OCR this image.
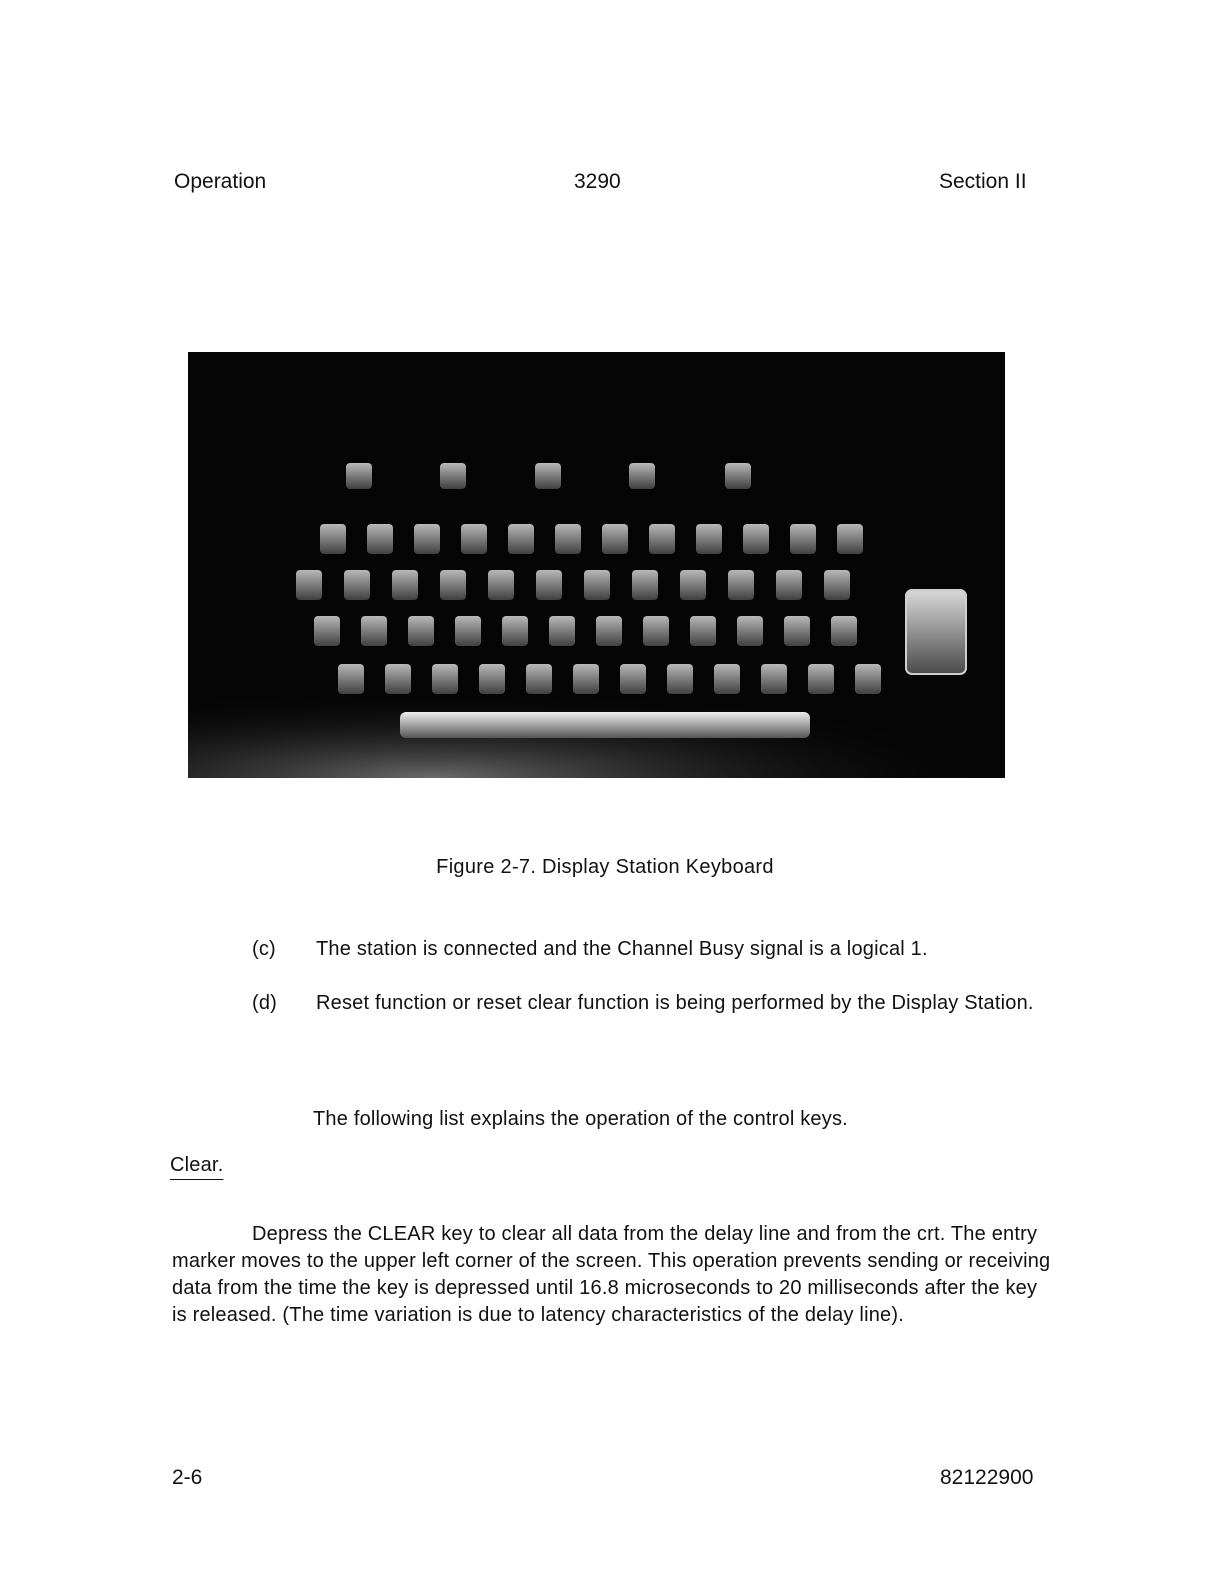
Operation	3290	Section II
Figure 2-7. Display Station Keyboard
(c) The station is connected and the Channel Busy signal is a logical 1.
(d) Reset function or reset clear function is being performed by the Display Station.
The following list explains the operation of the control keys.
Clear.
Depress the CLEAR key to clear all data from the delay line and from the crt. The entry marker moves to the upper left corner of the screen. This operation prevents sending or receiving data from the time the key is depressed until 16.8 microseconds to 20 milliseconds after the key is released. (The time variation is due to latency characteristics of the delay line).
2-6	82122900
